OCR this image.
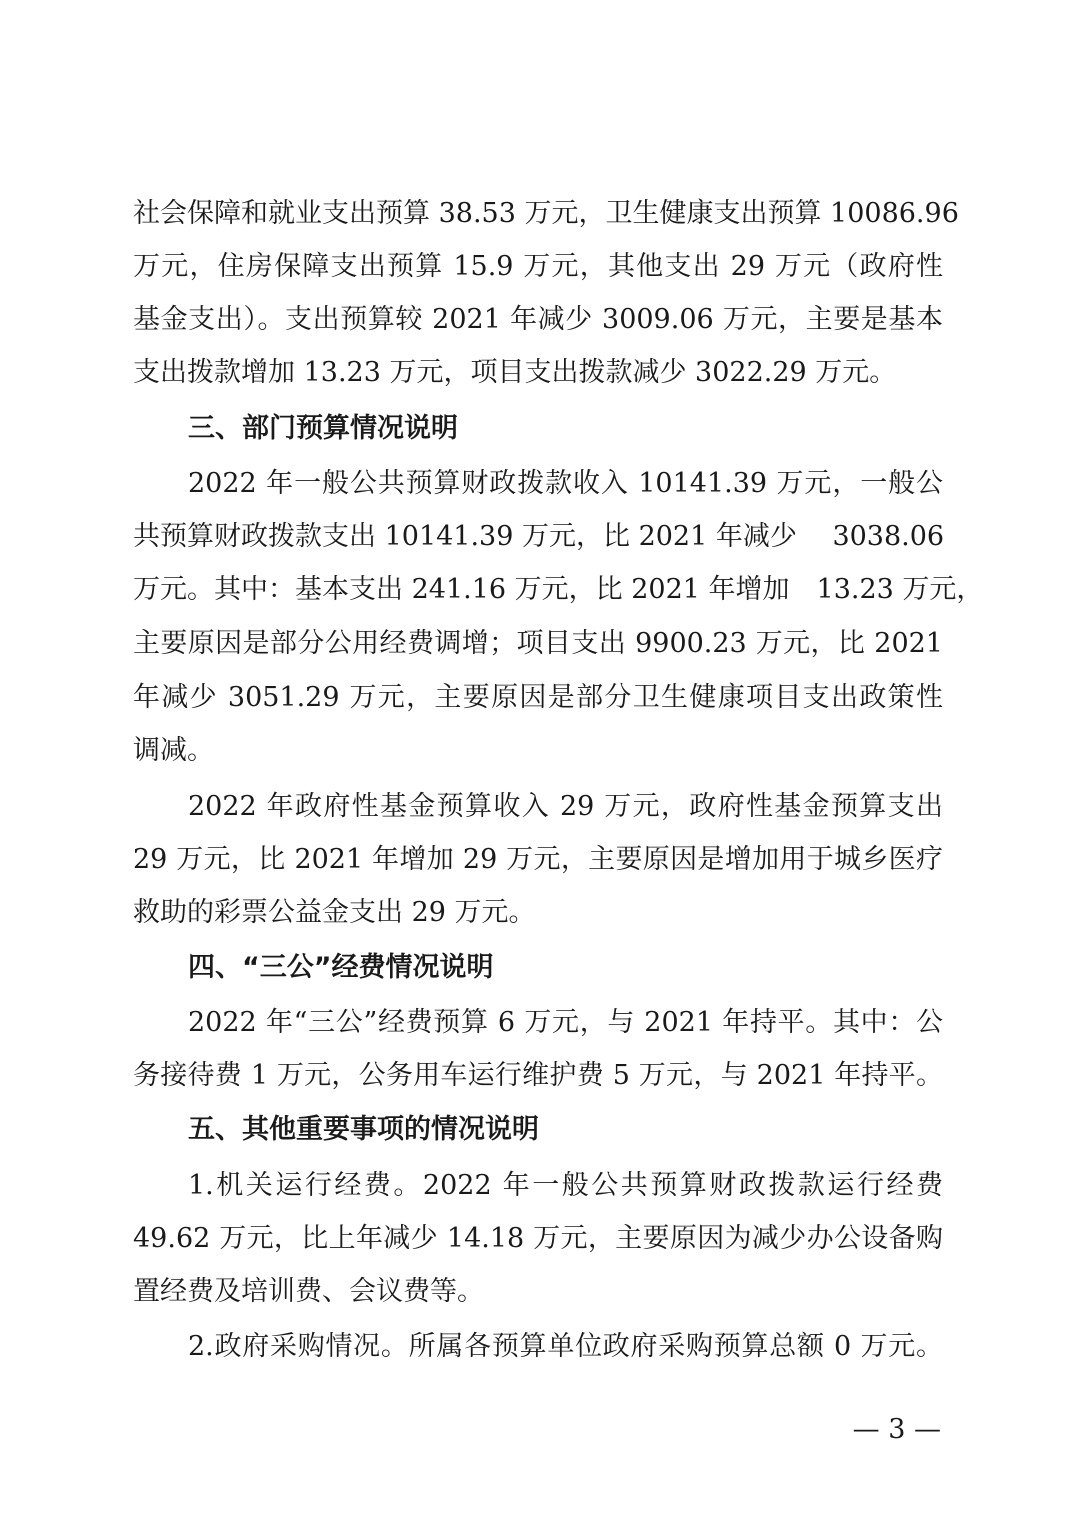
社会保障和就业支出预算 38.53 万元，卫生健康支出预算 10086.96
万元，住房保障支出预算 15.9 万元，其他支出 29 万元（政府性
基金支出）。支出预算较 2021 年减少 3009.06 万元，主要是基本
支出拨款增加 13.23 万元，项目支出拨款减少 3022.29 万元。
三、部门预算情况说明
2022 年一般公共预算财政拨款收入 10141.39 万元，一般公
共预算财政拨款支出 10141.39 万元，比 2021 年减少　 3038.06
万元。其中：基本支出 241.16 万元，比 2021 年增加　13.23 万元，
主要原因是部分公用经费调增；项目支出 9900.23 万元，比 2021
年减少 3051.29 万元，主要原因是部分卫生健康项目支出政策性
调减。
2022 年政府性基金预算收入 29 万元，政府性基金预算支出
29 万元，比 2021 年增加 29 万元，主要原因是增加用于城乡医疗
救助的彩票公益金支出 29 万元。
四、“三公”经费情况说明
2022 年“三公”经费预算 6 万元，与 2021 年持平。其中：公
务接待费 1 万元，公务用车运行维护费 5 万元，与 2021 年持平。
五、其他重要事项的情况说明
1.机关运行经费。2022 年一般公共预算财政拨款运行经费
49.62 万元，比上年减少 14.18 万元，主要原因为减少办公设备购
置经费及培训费、会议费等。
2.政府采购情况。所属各预算单位政府采购预算总额 0 万元。
— 3 —
